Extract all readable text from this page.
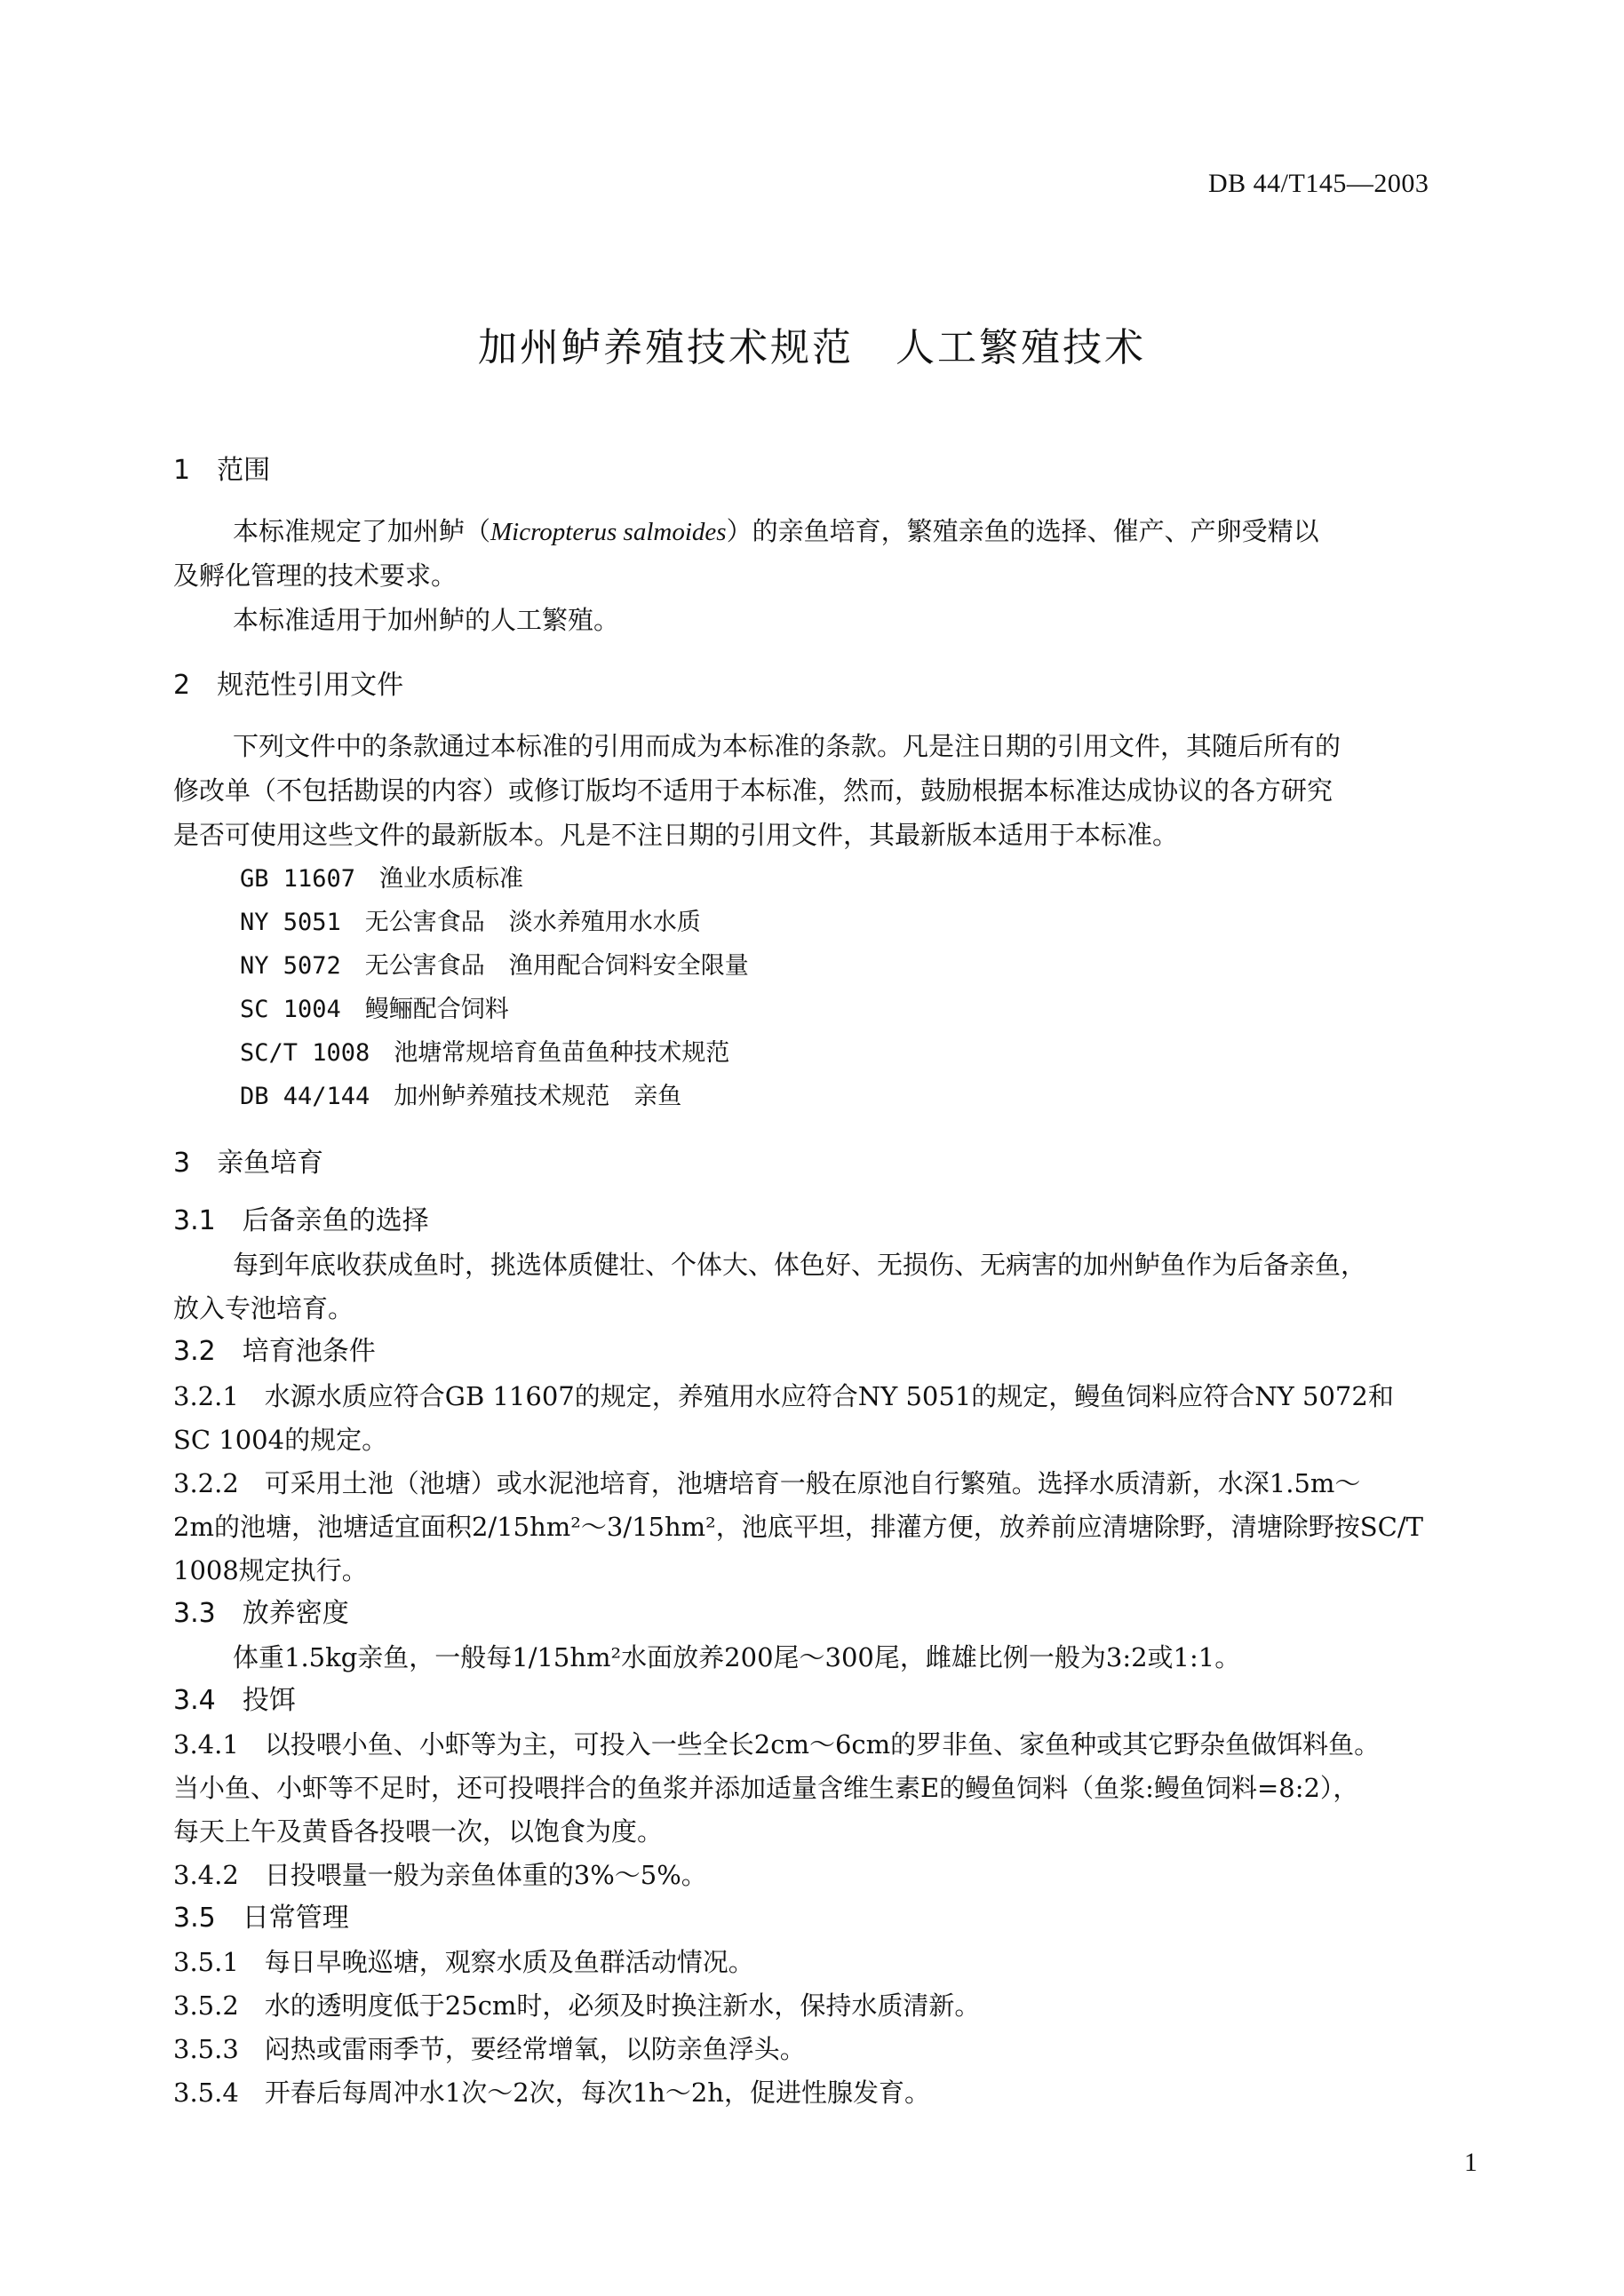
DB 44/T145—2003
加州鲈养殖技术规范　人工繁殖技术
1　范围
本标准规定了加州鲈（Micropterus salmoides）的亲鱼培育，繁殖亲鱼的选择、催产、产卵受精以
及孵化管理的技术要求。
本标准适用于加州鲈的人工繁殖。
2　规范性引用文件
下列文件中的条款通过本标准的引用而成为本标准的条款。凡是注日期的引用文件，其随后所有的
修改单（不包括勘误的内容）或修订版均不适用于本标准，然而，鼓励根据本标准达成协议的各方研究
是否可使用这些文件的最新版本。凡是不注日期的引用文件，其最新版本适用于本标准。
GB 11607　渔业水质标准
NY 5051　无公害食品　淡水养殖用水水质
NY 5072　无公害食品　渔用配合饲料安全限量
SC 1004　鳗鲡配合饲料
SC/T 1008　池塘常规培育鱼苗鱼种技术规范
DB 44/144　加州鲈养殖技术规范　亲鱼
3　亲鱼培育
3.1　后备亲鱼的选择
每到年底收获成鱼时，挑选体质健壮、个体大、体色好、无损伤、无病害的加州鲈鱼作为后备亲鱼，
放入专池培育。
3.2　培育池条件
3.2.1　水源水质应符合GB 11607的规定，养殖用水应符合NY 5051的规定，鳗鱼饲料应符合NY 5072和
SC 1004的规定。
3.2.2　可采用土池（池塘）或水泥池培育，池塘培育一般在原池自行繁殖。选择水质清新，水深1.5m～
2m的池塘，池塘适宜面积2/15hm²～3/15hm²，池底平坦，排灌方便，放养前应清塘除野，清塘除野按SC/T
1008规定执行。
3.3　放养密度
体重1.5kg亲鱼，一般每1/15hm²水面放养200尾～300尾，雌雄比例一般为3:2或1:1。
3.4　投饵
3.4.1　以投喂小鱼、小虾等为主，可投入一些全长2cm～6cm的罗非鱼、家鱼种或其它野杂鱼做饵料鱼。
当小鱼、小虾等不足时，还可投喂拌合的鱼浆并添加适量含维生素E的鳗鱼饲料（鱼浆:鳗鱼饲料=8:2），
每天上午及黄昏各投喂一次，以饱食为度。
3.4.2　日投喂量一般为亲鱼体重的3%～5%。
3.5　日常管理
3.5.1　每日早晚巡塘，观察水质及鱼群活动情况。
3.5.2　水的透明度低于25cm时，必须及时换注新水，保持水质清新。
3.5.3　闷热或雷雨季节，要经常增氧，以防亲鱼浮头。
3.5.4　开春后每周冲水1次～2次，每次1h～2h，促进性腺发育。
1
